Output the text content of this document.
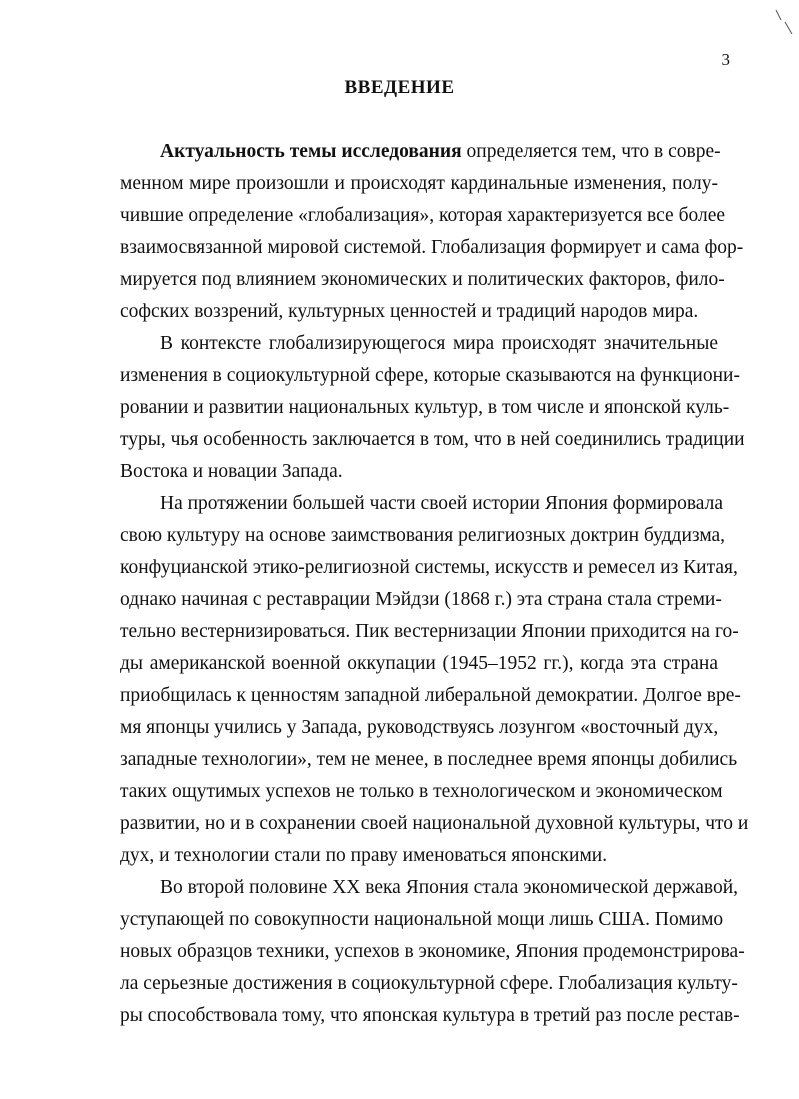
3
ВВЕДЕНИЕ
Актуальность темы исследования определяется тем, что в совре-
менном мире произошли и происходят кардинальные изменения, полу-
чившие определение «глобализация», которая характеризуется все более
взаимосвязанной мировой системой. Глобализация формирует и сама фор-
мируется под влиянием экономических и политических факторов, фило-
софских воззрений, культурных ценностей и традиций народов мира.
В контексте глобализирующегося мира происходят значительные
изменения в социокультурной сфере, которые сказываются на функциони-
ровании и развитии национальных культур, в том числе и японской куль-
туры, чья особенность заключается в том, что в ней соединились традиции
Востока и новации Запада.
На протяжении большей части своей истории Япония формировала
свою культуру на основе заимствования религиозных доктрин буддизма,
конфуцианской этико-религиозной системы, искусств и ремесел из Китая,
однако начиная с реставрации Мэйдзи (1868 г.) эта страна стала стреми-
тельно вестернизироваться. Пик вестернизации Японии приходится на го-
ды американской военной оккупации (1945–1952 гг.), когда эта страна
приобщилась к ценностям западной либеральной демократии. Долгое вре-
мя японцы учились у Запада, руководствуясь лозунгом «восточный дух,
западные технологии», тем не менее, в последнее время японцы добились
таких ощутимых успехов не только в технологическом и экономическом
развитии, но и в сохранении своей национальной духовной культуры, что и
дух, и технологии стали по праву именоваться японскими.
Во второй половине XX века Япония стала экономической державой,
уступающей по совокупности национальной мощи лишь США. Помимо
новых образцов техники, успехов в экономике, Япония продемонстрирова-
ла серьезные достижения в социокультурной сфере. Глобализация культу-
ры способствовала тому, что японская культура в третий раз после рестав-
